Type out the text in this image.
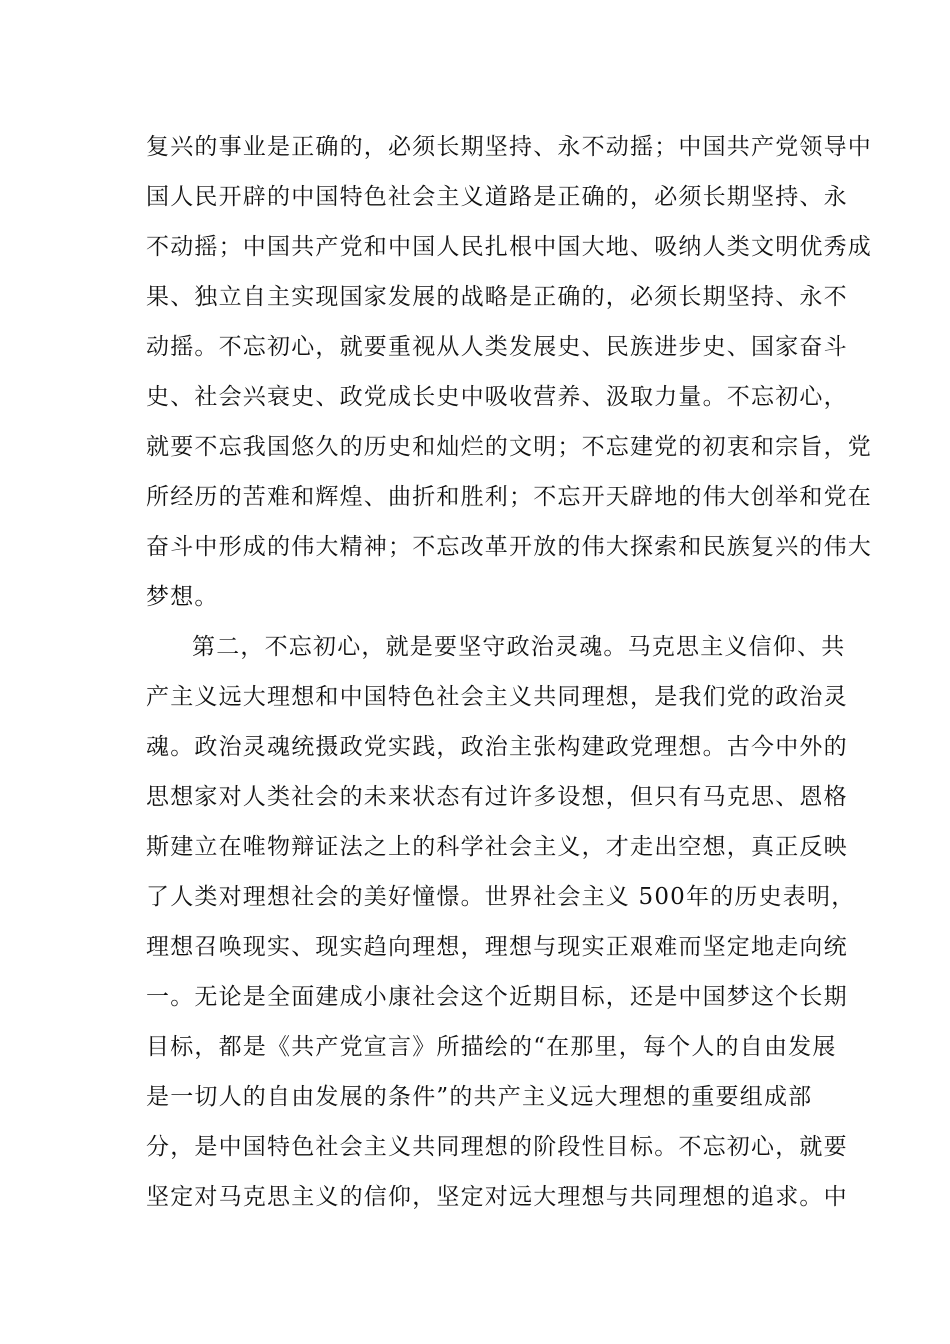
复兴的事业是正确的，必须长期坚持、永不动摇；中国共产党领导中
国人民开辟的中国特色社会主义道路是正确的，必须长期坚持、永
不动摇；中国共产党和中国人民扎根中国大地、吸纳人类文明优秀成
果、独立自主实现国家发展的战略是正确的，必须长期坚持、永不
动摇。不忘初心，就要重视从人类发展史、民族进步史、国家奋斗
史、社会兴衰史、政党成长史中吸收营养、汲取力量。不忘初心，
就要不忘我国悠久的历史和灿烂的文明；不忘建党的初衷和宗旨，党
所经历的苦难和辉煌、曲折和胜利；不忘开天辟地的伟大创举和党在
奋斗中形成的伟大精神；不忘改革开放的伟大探索和民族复兴的伟大
梦想。
第二，不忘初心，就是要坚守政治灵魂。马克思主义信仰、共
产主义远大理想和中国特色社会主义共同理想，是我们党的政治灵
魂。政治灵魂统摄政党实践，政治主张构建政党理想。古今中外的
思想家对人类社会的未来状态有过许多设想，但只有马克思、恩格
斯建立在唯物辩证法之上的科学社会主义，才走出空想，真正反映
了人类对理想社会的美好憧憬。世界社会主义 500年的历史表明，
理想召唤现实、现实趋向理想，理想与现实正艰难而坚定地走向统
一。无论是全面建成小康社会这个近期目标，还是中国梦这个长期
目标，都是《共产党宣言》所描绘的“在那里，每个人的自由发展
是一切人的自由发展的条件”的共产主义远大理想的重要组成部
分，是中国特色社会主义共同理想的阶段性目标。不忘初心，就要
坚定对马克思主义的信仰，坚定对远大理想与共同理想的追求。中
